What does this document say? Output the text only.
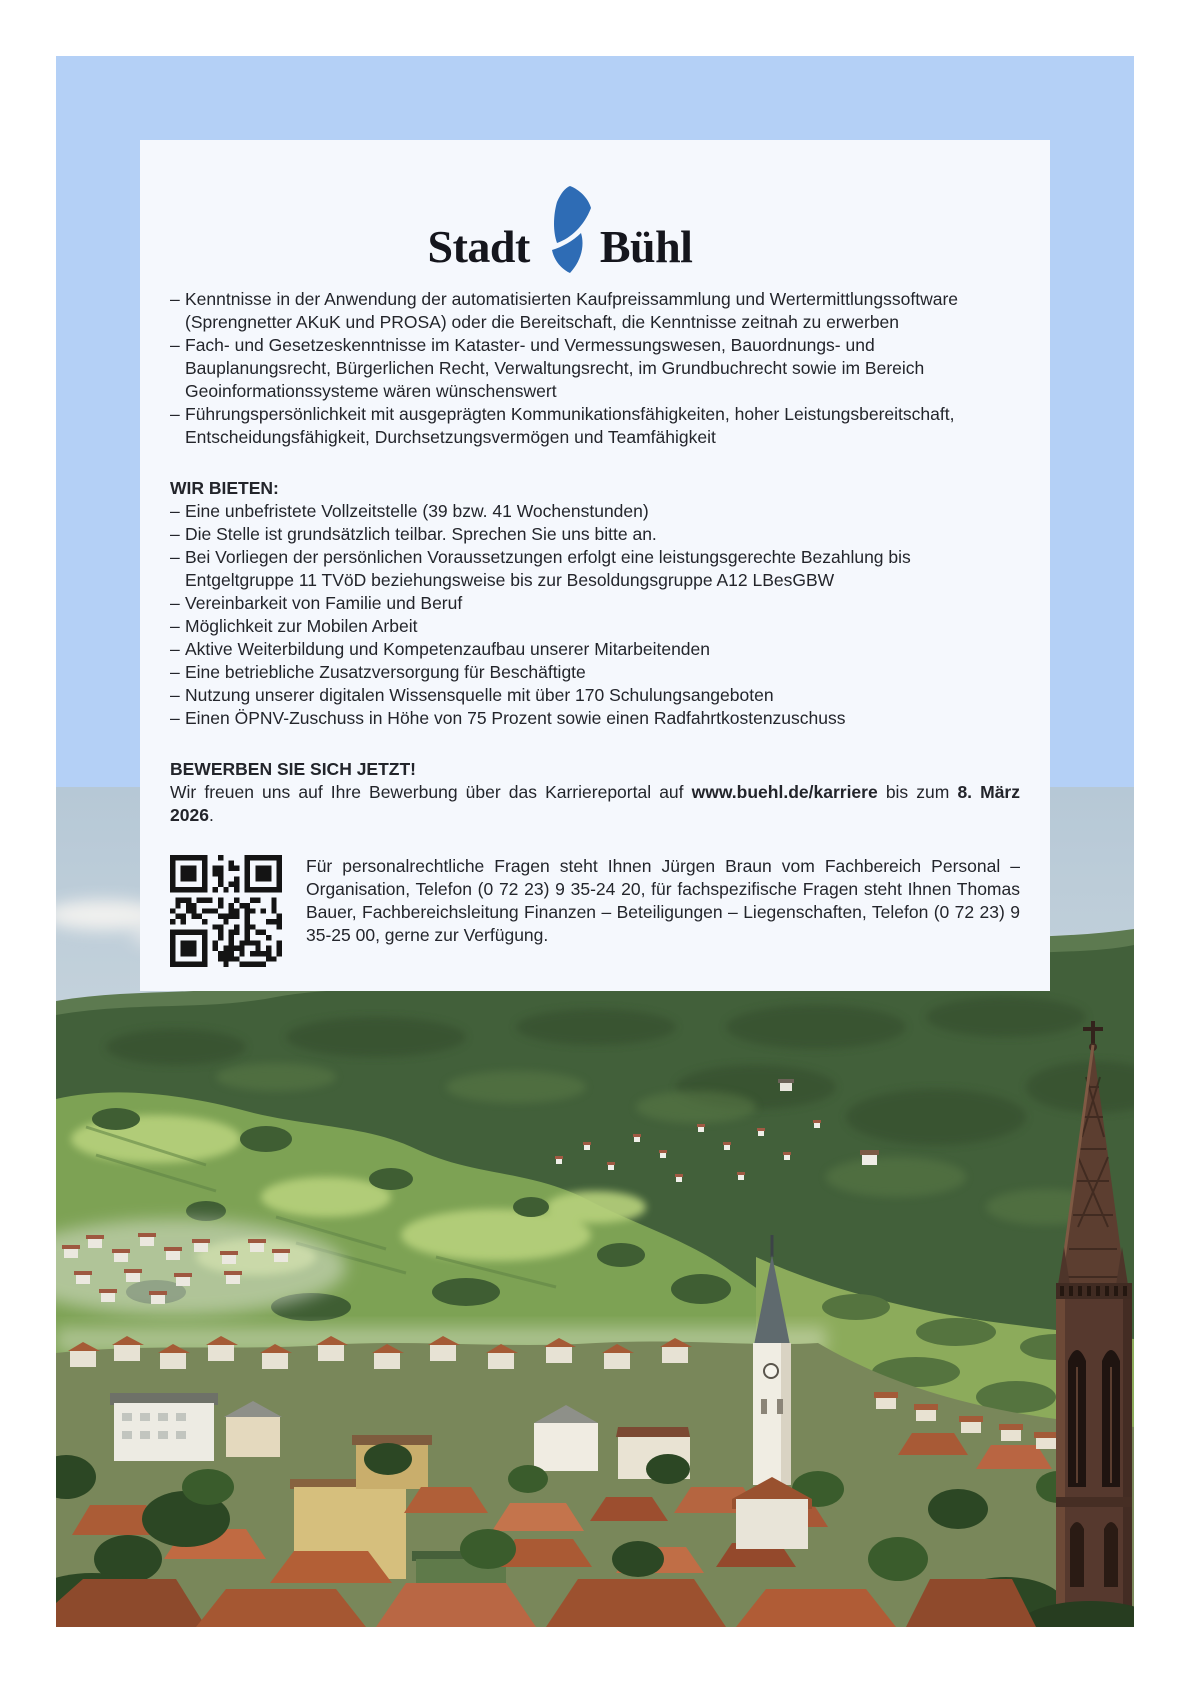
Stadt Bühl
– Kenntnisse in der Anwendung der automatisierten Kaufpreissammlung und Wertermittlungssoftware (Sprengnetter AKuK und PROSA) oder die Bereitschaft, die Kenntnisse zeitnah zu erwerben
– Fach- und Gesetzeskenntnisse im Kataster- und Vermessungswesen, Bauordnungs- und Bauplanungsrecht, Bürgerlichen Recht, Verwaltungsrecht, im Grundbuchrecht sowie im Bereich Geoinformationssysteme wären wünschenswert
– Führungspersönlichkeit mit ausgeprägten Kommunikationsfähigkeiten, hoher Leistungsbereitschaft, Entscheidungsfähigkeit, Durchsetzungsvermögen und Teamfähigkeit

WIR BIETEN:

– Eine unbefristete Vollzeitstelle (39 bzw. 41 Wochenstunden)
– Die Stelle ist grundsätzlich teilbar. Sprechen Sie uns bitte an.
– Bei Vorliegen der persönlichen Voraussetzungen erfolgt eine leistungsgerechte Bezahlung bis Entgeltgruppe 11 TVöD beziehungsweise bis zur Besoldungsgruppe A12 LBesGBW
– Vereinbarkeit von Familie und Beruf
– Möglichkeit zur Mobilen Arbeit
– Aktive Weiterbildung und Kompetenzaufbau unserer Mitarbeitenden
– Eine betriebliche Zusatzversorgung für Beschäftigte
– Nutzung unserer digitalen Wissensquelle mit über 170 Schulungsangeboten
– Einen ÖPNV-Zuschuss in Höhe von 75 Prozent sowie einen Radfahrtkostenzuschuss

BEWERBEN SIE SICH JETZT!

Wir freuen uns auf Ihre Bewerbung über das Karriereportal auf www.buehl.de/karriere bis zum 8. März 2026.

Für personalrechtliche Fragen steht Ihnen Jürgen Braun vom Fachbereich Personal – Organisation, Telefon (0 72 23) 9 35-24 20, für fachspezifische Fragen steht Ihnen Thomas Bauer, Fachbereichsleitung Finanzen – Beteiligungen – Liegenschaften, Telefon (0 72 23) 9 35-25 00, gerne zur Verfügung.
